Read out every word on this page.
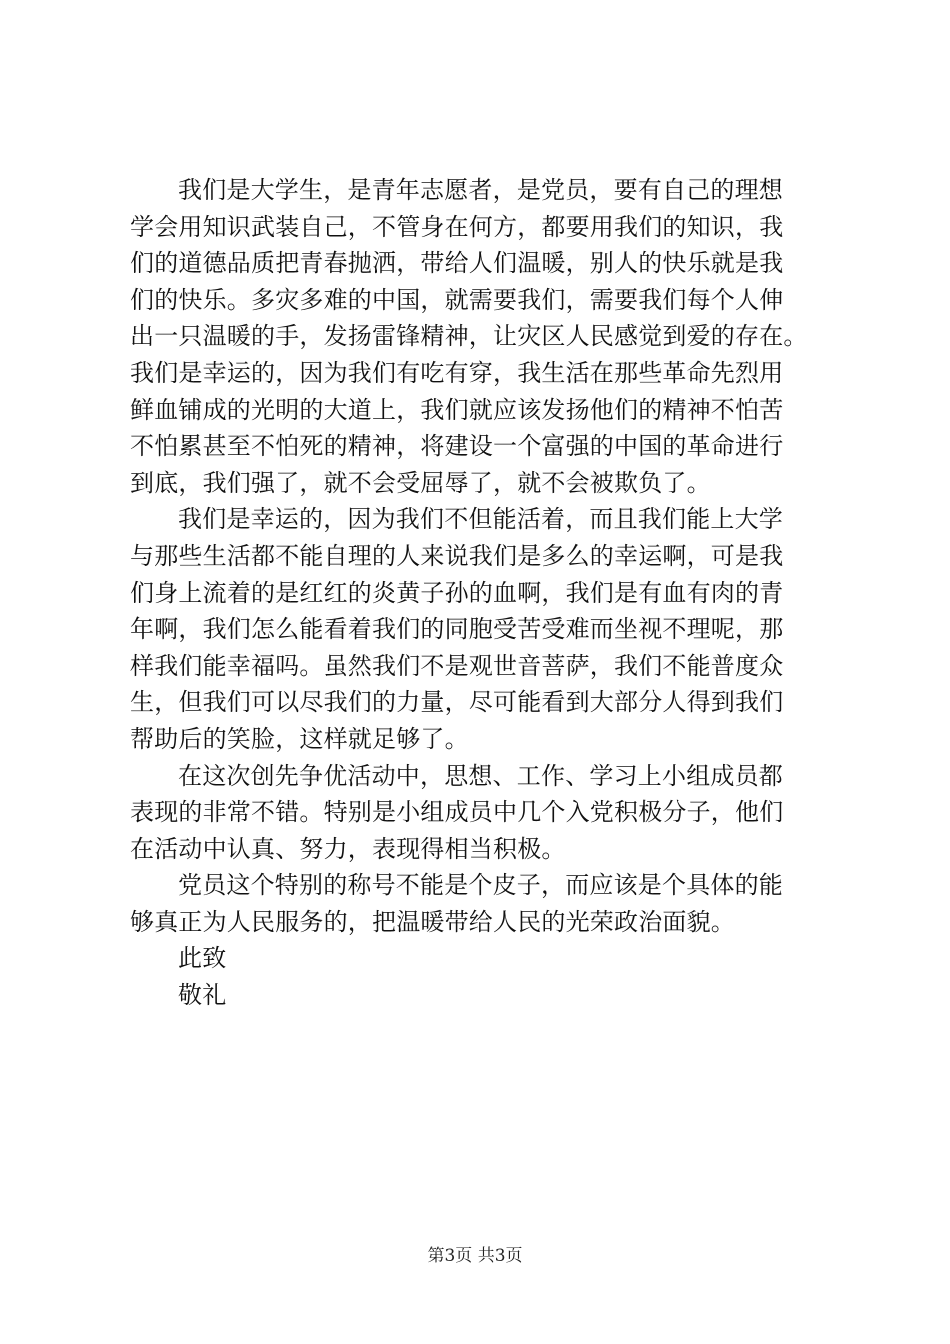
我们是大学生，是青年志愿者，是党员，要有自己的理想
学会用知识武装自己，不管身在何方，都要用我们的知识，我
们的道德品质把青春抛洒，带给人们温暖，别人的快乐就是我
们的快乐。多灾多难的中国，就需要我们，需要我们每个人伸
出一只温暖的手，发扬雷锋精神，让灾区人民感觉到爱的存在。
我们是幸运的，因为我们有吃有穿，我生活在那些革命先烈用
鲜血铺成的光明的大道上，我们就应该发扬他们的精神不怕苦
不怕累甚至不怕死的精神，将建设一个富强的中国的革命进行
到底，我们强了，就不会受屈辱了，就不会被欺负了。
我们是幸运的，因为我们不但能活着，而且我们能上大学
与那些生活都不能自理的人来说我们是多么的幸运啊，可是我
们身上流着的是红红的炎黄子孙的血啊，我们是有血有肉的青
年啊，我们怎么能看着我们的同胞受苦受难而坐视不理呢，那
样我们能幸福吗。虽然我们不是观世音菩萨，我们不能普度众
生，但我们可以尽我们的力量，尽可能看到大部分人得到我们
帮助后的笑脸，这样就足够了。
在这次创先争优活动中，思想、工作、学习上小组成员都
表现的非常不错。特别是小组成员中几个入党积极分子，他们
在活动中认真、努力，表现得相当积极。
党员这个特别的称号不能是个皮子，而应该是个具体的能
够真正为人民服务的，把温暖带给人民的光荣政治面貌。
此致
敬礼
第3页 共3页
